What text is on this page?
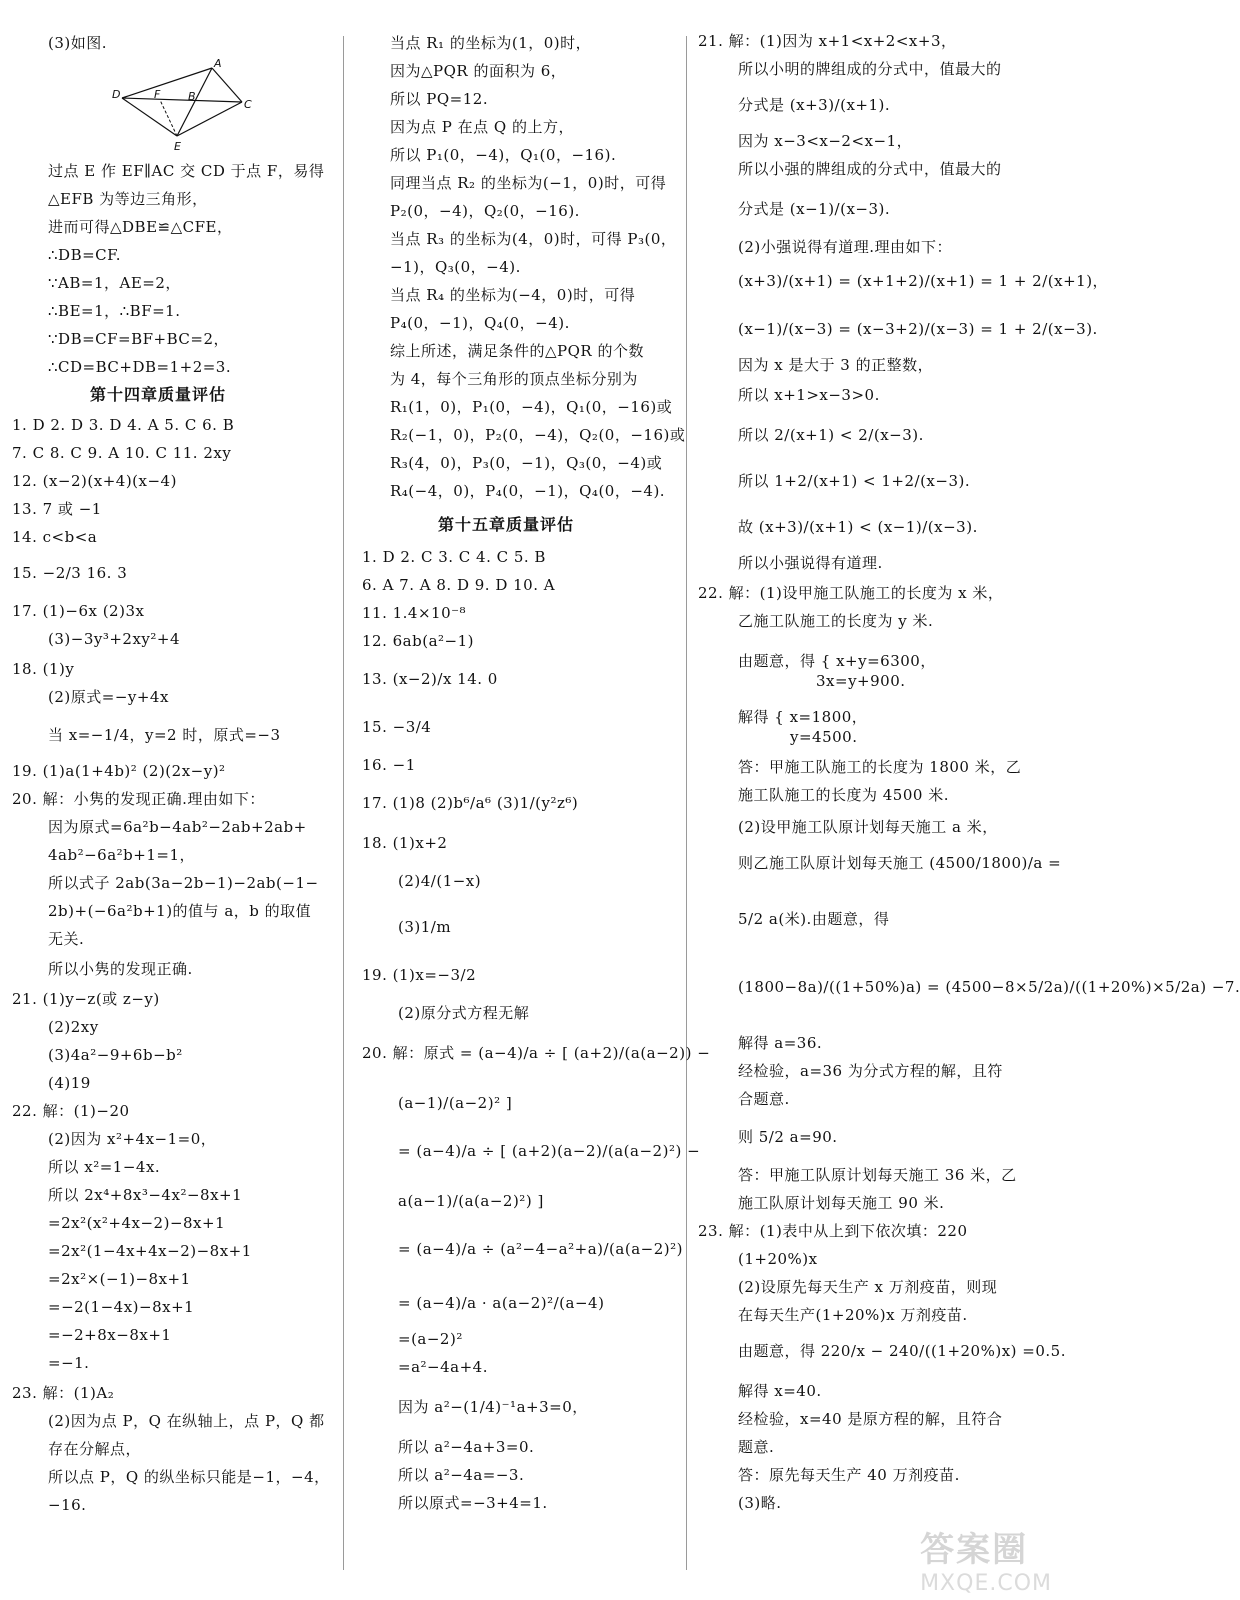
D	F	B
A
C
E
(3)如图.
过点 E 作 EF∥AC 交 CD 于点 F，易得
△EFB 为等边三角形，
进而可得△DBE≌△CFE，
∴DB=CF.
∵AB=1，AE=2，
∴BE=1，∴BF=1.
∵DB=CF=BF+BC=2，
∴CD=BC+DB=1+2=3.
第十四章质量评估
1. D 2. D 3. D 4. A 5. C 6. B
7. C 8. C 9. A 10. C 11. 2xy
12. (x−2)(x+4)(x−4)
13. 7 或 −1
14. c<b<a
15. −2/3 16. 3
17. (1)−6x (2)3x
(3)−3y³+2xy²+4
18. (1)y
(2)原式=−y+4x
当 x=−1/4，y=2 时，原式=−3
19. (1)a(1+4b)² (2)(2x−y)²
20. 解：小隽的发现正确.理由如下：
因为原式=6a²b−4ab²−2ab+2ab+
4ab²−6a²b+1=1，
所以式子 2ab(3a−2b−1)−2ab(−1−
2b)+(−6a²b+1)的值与 a，b 的取值
无关.
所以小隽的发现正确.
21. (1)y−z(或 z−y)
(2)2xy
(3)4a²−9+6b−b²
(4)19
22. 解：(1)−20
(2)因为 x²+4x−1=0，
所以 x²=1−4x.
所以 2x⁴+8x³−4x²−8x+1
=2x²(x²+4x−2)−8x+1
=2x²(1−4x+4x−2)−8x+1
=2x²×(−1)−8x+1
=−2(1−4x)−8x+1
=−2+8x−8x+1
=−1.
23. 解：(1)A₂
(2)因为点 P，Q 在纵轴上，点 P，Q 都
存在分解点，
所以点 P，Q 的纵坐标只能是−1，−4，
−16.
当点 R₁ 的坐标为(1，0)时，
因为△PQR 的面积为 6，
所以 PQ=12.
因为点 P 在点 Q 的上方，
所以 P₁(0，−4)，Q₁(0，−16).
同理当点 R₂ 的坐标为(−1，0)时，可得
P₂(0，−4)，Q₂(0，−16).
当点 R₃ 的坐标为(4，0)时，可得 P₃(0，
−1)，Q₃(0，−4).
当点 R₄ 的坐标为(−4，0)时，可得
P₄(0，−1)，Q₄(0，−4).
综上所述，满足条件的△PQR 的个数
为 4，每个三角形的顶点坐标分别为
R₁(1，0)，P₁(0，−4)，Q₁(0，−16)或
R₂(−1，0)，P₂(0，−4)，Q₂(0，−16)或
R₃(4，0)，P₃(0，−1)，Q₃(0，−4)或
R₄(−4，0)，P₄(0，−1)，Q₄(0，−4).
第十五章质量评估
1. D 2. C 3. C 4. C 5. B
6. A 7. A 8. D 9. D 10. A
11. 1.4×10⁻⁸
12. 6ab(a²−1)
13. (x−2)/x 14. 0
15. −3/4
16. −1
17. (1)8 (2)b⁶/a⁶ (3)1/(y²z⁶)
18. (1)x+2
(2)4/(1−x)
(3)1/m
19. (1)x=−3/2
(2)原分式方程无解
20. 解：原式 = (a−4)/a ÷ [ (a+2)/(a(a−2)) −
(a−1)/(a−2)² ]
= (a−4)/a ÷ [ (a+2)(a−2)/(a(a−2)²) −
a(a−1)/(a(a−2)²) ]
= (a−4)/a ÷ (a²−4−a²+a)/(a(a−2)²)
= (a−4)/a · a(a−2)²/(a−4)
=(a−2)²
=a²−4a+4.
因为 a²−(1/4)⁻¹a+3=0，
所以 a²−4a+3=0.
所以 a²−4a=−3.
所以原式=−3+4=1.
21. 解：(1)因为 x+1<x+2<x+3，
所以小明的牌组成的分式中，值最大的
分式是 (x+3)/(x+1).
因为 x−3<x−2<x−1，
所以小强的牌组成的分式中，值最大的
分式是 (x−1)/(x−3).
(2)小强说得有道理.理由如下：
(x+3)/(x+1) = (x+1+2)/(x+1) = 1 + 2/(x+1)，
(x−1)/(x−3) = (x−3+2)/(x−3) = 1 + 2/(x−3).
因为 x 是大于 3 的正整数，
所以 x+1>x−3>0.
所以 2/(x+1) < 2/(x−3).
所以 1+2/(x+1) < 1+2/(x−3).
故 (x+3)/(x+1) < (x−1)/(x−3).
所以小强说得有道理.
22. 解：(1)设甲施工队施工的长度为 x 米，
乙施工队施工的长度为 y 米.
由题意，得 { x+y=6300，
3x=y+900.
解得 { x=1800，
y=4500.
答：甲施工队施工的长度为 1800 米，乙
施工队施工的长度为 4500 米.
(2)设甲施工队原计划每天施工 a 米，
则乙施工队原计划每天施工 (4500/1800)/a =
5/2 a(米).由题意，得
(1800−8a)/((1+50%)a) = (4500−8×5/2a)/((1+20%)×5/2a) −7.
解得 a=36.
经检验，a=36 为分式方程的解，且符
合题意.
则 5/2 a=90.
答：甲施工队原计划每天施工 36 米，乙
施工队原计划每天施工 90 米.
23. 解：(1)表中从上到下依次填：220
(1+20%)x
(2)设原先每天生产 x 万剂疫苗，则现
在每天生产(1+20%)x 万剂疫苗.
由题意，得 220/x − 240/((1+20%)x) =0.5.
解得 x=40.
经检验，x=40 是原方程的解，且符合
题意.
答：原先每天生产 40 万剂疫苗.
(3)略.
答案圈
MXQE.COM
